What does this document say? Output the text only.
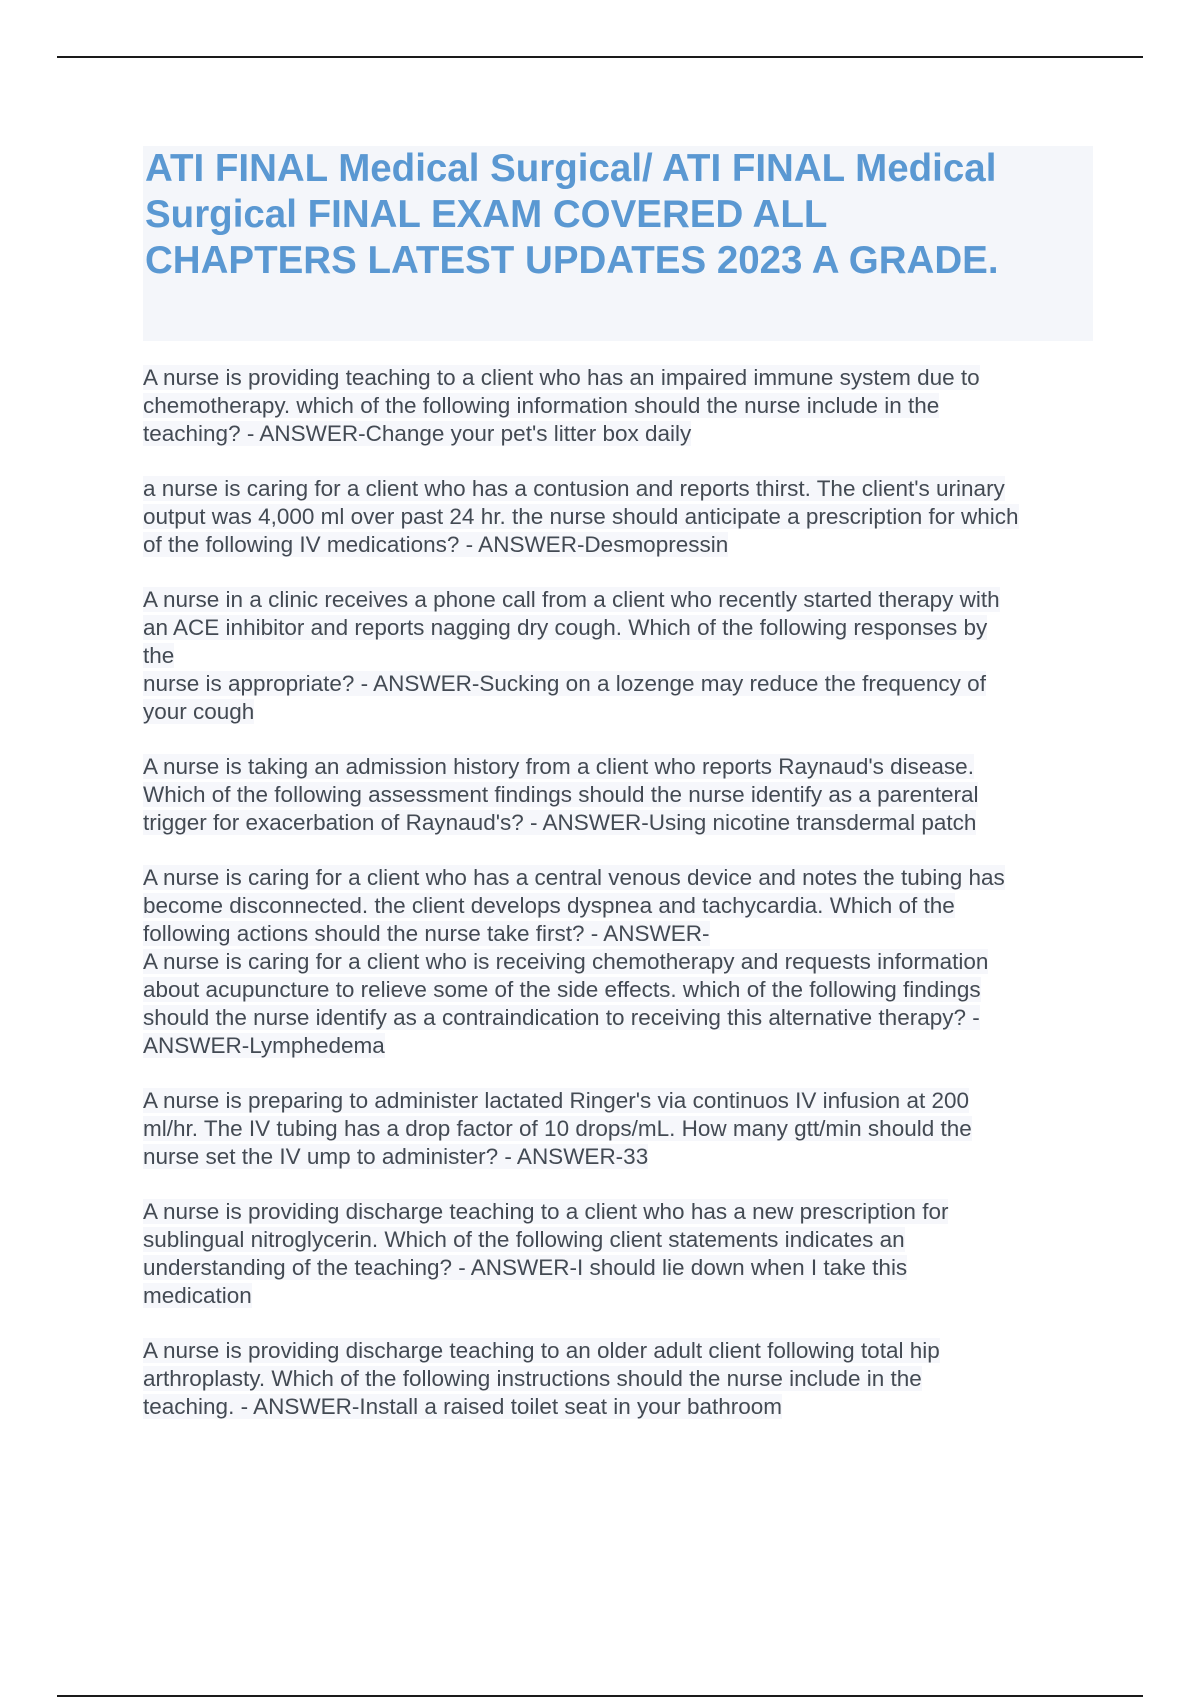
ATI FINAL Medical Surgical/ ATI FINAL Medical
Surgical FINAL EXAM COVERED ALL
CHAPTERS LATEST UPDATES 2023 A GRADE.

A nurse is providing teaching to a client who has an impaired immune system due to
chemotherapy. which of the following information should the nurse include in the
teaching? - ANSWER-Change your pet's litter box daily

a nurse is caring for a client who has a contusion and reports thirst. The client's urinary
output was 4,000 ml over past 24 hr. the nurse should anticipate a prescription for which
of the following IV medications? - ANSWER-Desmopressin

A nurse in a clinic receives a phone call from a client who recently started therapy with
an ACE inhibitor and reports nagging dry cough. Which of the following responses by
the
nurse is appropriate? - ANSWER-Sucking on a lozenge may reduce the frequency of
your cough

A nurse is taking an admission history from a client who reports Raynaud's disease.
Which of the following assessment findings should the nurse identify as a parenteral
trigger for exacerbation of Raynaud's? - ANSWER-Using nicotine transdermal patch

A nurse is caring for a client who has a central venous device and notes the tubing has
become disconnected. the client develops dyspnea and tachycardia. Which of the
following actions should the nurse take first? - ANSWER-
A nurse is caring for a client who is receiving chemotherapy and requests information
about acupuncture to relieve some of the side effects. which of the following findings
should the nurse identify as a contraindication to receiving this alternative therapy? -
ANSWER-Lymphedema

A nurse is preparing to administer lactated Ringer's via continuos IV infusion at 200
ml/hr. The IV tubing has a drop factor of 10 drops/mL. How many gtt/min should the
nurse set the IV ump to administer? - ANSWER-33

A nurse is providing discharge teaching to a client who has a new prescription for
sublingual nitroglycerin. Which of the following client statements indicates an
understanding of the teaching? - ANSWER-I should lie down when I take this
medication

A nurse is providing discharge teaching to an older adult client following total hip
arthroplasty. Which of the following instructions should the nurse include in the
teaching. - ANSWER-Install a raised toilet seat in your bathroom
